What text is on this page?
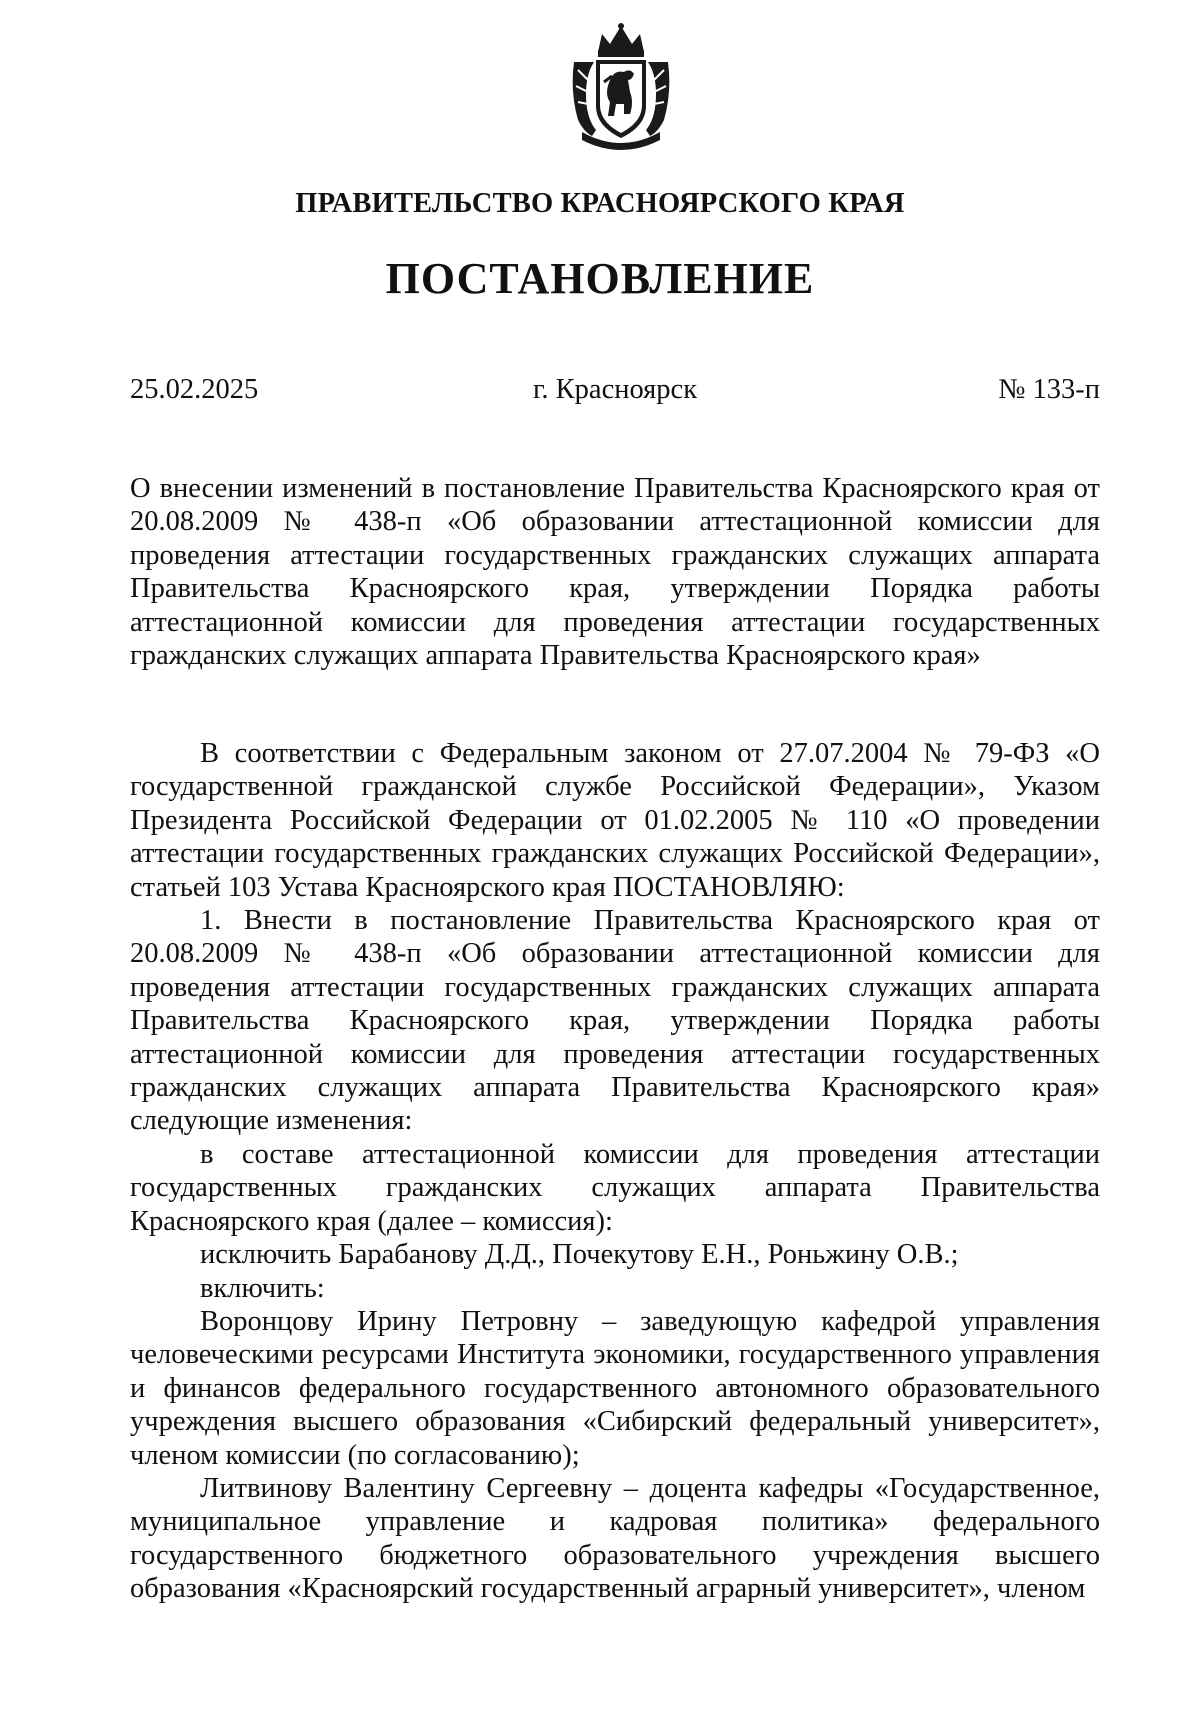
ПРАВИТЕЛЬСТВО КРАСНОЯРСКОГО КРАЯ
ПОСТАНОВЛЕНИЕ
25.02.2025	г. Красноярск	№ 133-п

О внесении изменений в постановление Правительства Красноярского края от 20.08.2009 № 438-п «Об образовании аттестационной комиссии для проведения аттестации государственных гражданских служащих аппарата Правительства Красноярского края, утверждении Порядка работы аттестационной комиссии для проведения аттестации государственных гражданских служащих аппарата Правительства Красноярского края»

В соответствии с Федеральным законом от 27.07.2004 № 79-ФЗ «О государственной гражданской службе Российской Федерации», Указом Президента Российской Федерации от 01.02.2005 № 110 «О проведении аттестации государственных гражданских служащих Российской Федерации», статьей 103 Устава Красноярского края ПОСТАНОВЛЯЮ:

1. Внести в постановление Правительства Красноярского края от 20.08.2009 № 438-п «Об образовании аттестационной комиссии для проведения аттестации государственных гражданских служащих аппарата Правительства Красноярского края, утверждении Порядка работы аттестационной комиссии для проведения аттестации государственных гражданских служащих аппарата Правительства Красноярского края» следующие изменения:

в составе аттестационной комиссии для проведения аттестации государственных гражданских служащих аппарата Правительства Красноярского края (далее – комиссия):

исключить Барабанову Д.Д., Почекутову Е.Н., Роньжину О.В.;

включить:

Воронцову Ирину Петровну – заведующую кафедрой управления человеческими ресурсами Института экономики, государственного управления и финансов федерального государственного автономного образовательного учреждения высшего образования «Сибирский федеральный университет», членом комиссии (по согласованию);

Литвинову Валентину Сергеевну – доцента кафедры «Государственное, муниципальное управление и кадровая политика» федерального государственного бюджетного образовательного учреждения высшего образования «Красноярский государственный аграрный университет», членом
